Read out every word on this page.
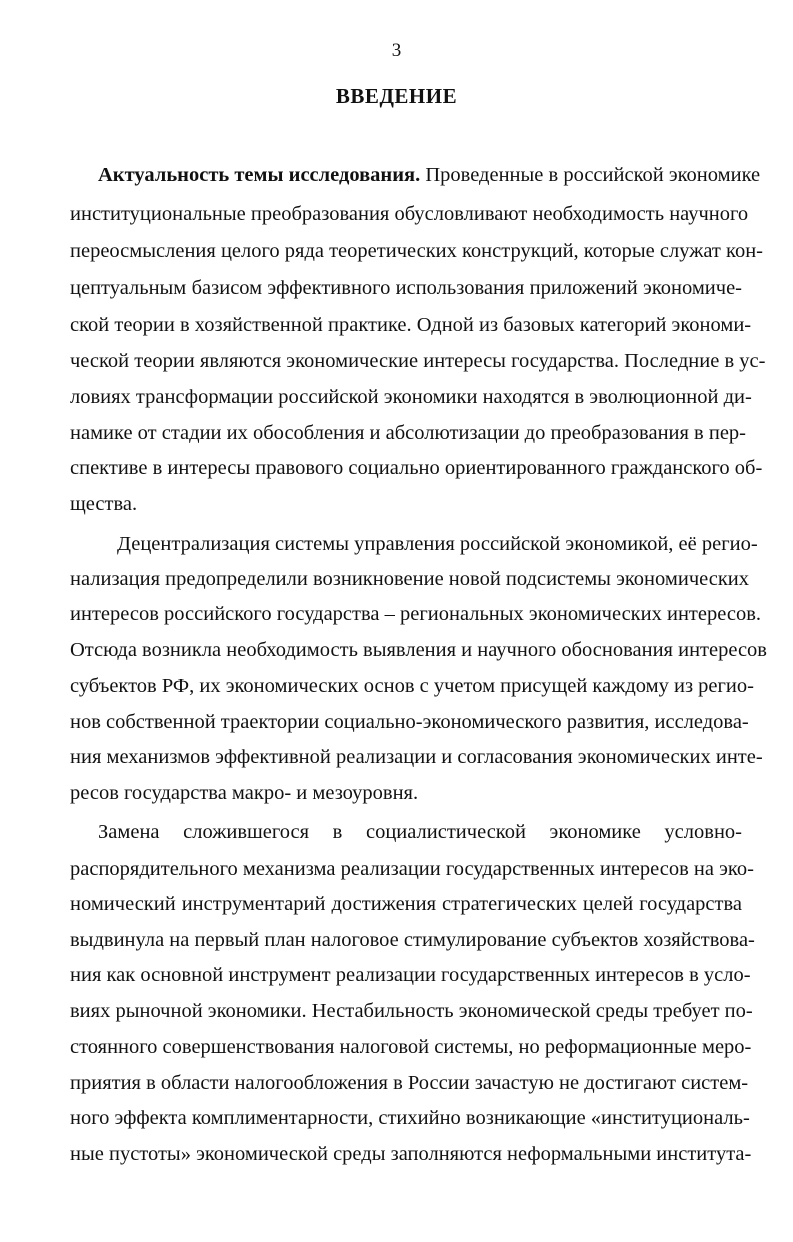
3
ВВЕДЕНИЕ
Актуальность темы исследования. Проведенные в российской экономике
институциональные преобразования обусловливают необходимость научного
переосмысления целого ряда теоретических конструкций, которые служат кон-
цептуальным базисом эффективного использования приложений экономиче-
ской теории в хозяйственной практике. Одной из базовых категорий экономи-
ческой теории являются экономические интересы государства. Последние в ус-
ловиях трансформации российской экономики находятся в эволюционной ди-
намике от стадии их обособления и абсолютизации до преобразования в пер-
спективе в интересы правового социально ориентированного гражданского об-
щества.
Децентрализация системы управления российской экономикой, её регио-
нализация предопределили возникновение новой подсистемы экономических
интересов российского государства – региональных экономических интересов.
Отсюда возникла необходимость выявления и научного обоснования интересов
субъектов РФ, их экономических основ с учетом присущей каждому из регио-
нов собственной траектории социально-экономического развития, исследова-
ния механизмов эффективной реализации и согласования экономических инте-
ресов государства макро- и мезоуровня.
Замена сложившегося в социалистической экономике условно-
распорядительного механизма реализации государственных интересов на эко-
номический инструментарий достижения стратегических целей государства
выдвинула на первый план налоговое стимулирование субъектов хозяйствова-
ния как основной инструмент реализации государственных интересов в усло-
виях рыночной экономики. Нестабильность экономической среды требует по-
стоянного совершенствования налоговой системы, но реформационные меро-
приятия в области налогообложения в России зачастую не достигают систем-
ного эффекта комплиментарности, стихийно возникающие «институциональ-
ные пустоты» экономической среды заполняются неформальными института-
